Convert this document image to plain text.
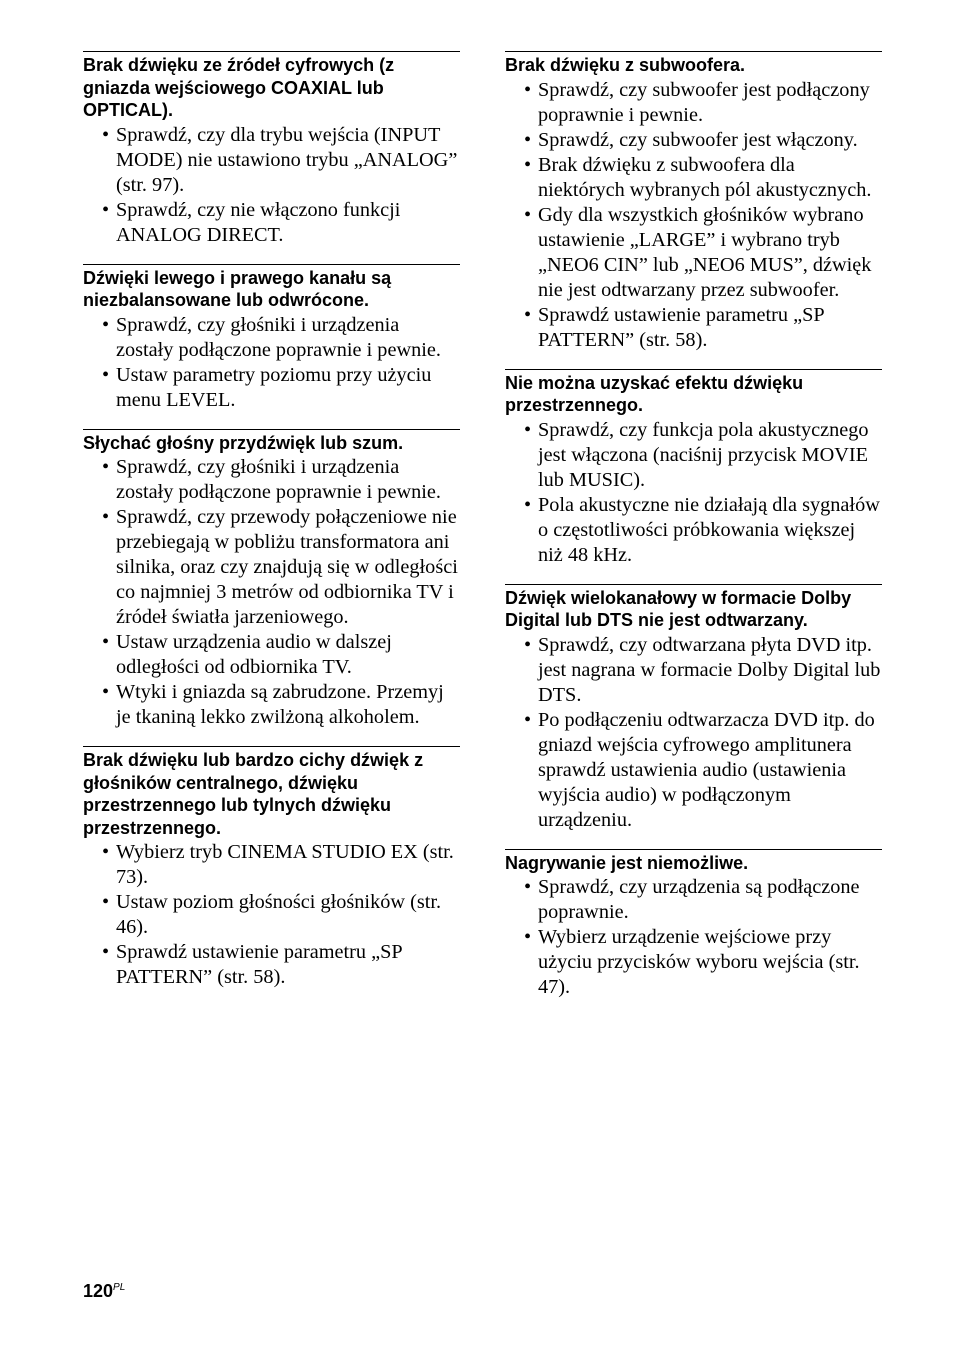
Brak dźwięku ze źródeł cyfrowych (z gniazda wejściowego COAXIAL lub OPTICAL).
• Sprawdź, czy dla trybu wejścia (INPUT MODE) nie ustawiono trybu „ANALOG” (str. 97).
• Sprawdź, czy nie włączono funkcji ANALOG DIRECT.
Dźwięki lewego i prawego kanału są niezbalansowane lub odwrócone.
• Sprawdź, czy głośniki i urządzenia zostały podłączone poprawnie i pewnie.
• Ustaw parametry poziomu przy użyciu menu LEVEL.
Słychać głośny przydźwięk lub szum.
• Sprawdź, czy głośniki i urządzenia zostały podłączone poprawnie i pewnie.
• Sprawdź, czy przewody połączeniowe nie przebiegają w pobliżu transformatora ani silnika, oraz czy znajdują się w odległości co najmniej 3 metrów od odbiornika TV i źródeł światła jarzeniowego.
• Ustaw urządzenia audio w dalszej odległości od odbiornika TV.
• Wtyki i gniazda są zabrudzone. Przemyj je tkaniną lekko zwilżoną alkoholem.
Brak dźwięku lub bardzo cichy dźwięk z głośników centralnego, dźwięku przestrzennego lub tylnych dźwięku przestrzennego.
• Wybierz tryb CINEMA STUDIO EX (str. 73).
• Ustaw poziom głośności głośników (str. 46).
• Sprawdź ustawienie parametru „SP PATTERN” (str. 58).
Brak dźwięku z subwoofera.
• Sprawdź, czy subwoofer jest podłączony poprawnie i pewnie.
• Sprawdź, czy subwoofer jest włączony.
• Brak dźwięku z subwoofera dla niektórych wybranych pól akustycznych.
• Gdy dla wszystkich głośników wybrano ustawienie „LARGE” i wybrano tryb „NEO6 CIN” lub „NEO6 MUS”, dźwięk nie jest odtwarzany przez subwoofer.
• Sprawdź ustawienie parametru „SP PATTERN” (str. 58).
Nie można uzyskać efektu dźwięku przestrzennego.
• Sprawdź, czy funkcja pola akustycznego jest włączona (naciśnij przycisk MOVIE lub MUSIC).
• Pola akustyczne nie działają dla sygnałów o częstotliwości próbkowania większej niż 48 kHz.
Dźwięk wielokanałowy w formacie Dolby Digital lub DTS nie jest odtwarzany.
• Sprawdź, czy odtwarzana płyta DVD itp. jest nagrana w formacie Dolby Digital lub DTS.
• Po podłączeniu odtwarzacza DVD itp. do gniazd wejścia cyfrowego amplitunera sprawdź ustawienia audio (ustawienia wyjścia audio) w podłączonym urządzeniu.
Nagrywanie jest niemożliwe.
• Sprawdź, czy urządzenia są podłączone poprawnie.
• Wybierz urządzenie wejściowe przy użyciu przycisków wyboru wejścia (str. 47).
$120^{PL}$
